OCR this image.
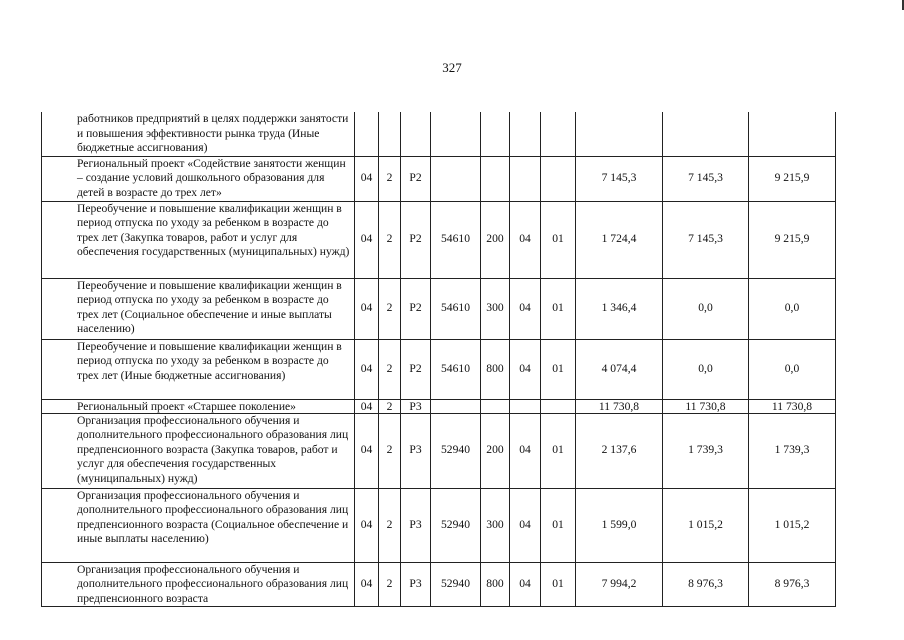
327
работников предприятий в целях поддержки занятости и повышения эффективности рынка труда (Иные бюджетные ассигнования)										
Региональный проект «Содействие занятости женщин – создание условий дошкольного образования для детей в возрасте до трех лет»	04	2	P2					7 145,3	7 145,3	9 215,9
Переобучение и повышение квалификации женщин в период отпуска по уходу за ребенком в возрасте до трех лет (Закупка товаров, работ и услуг для обеспечения государственных (муниципальных) нужд)	04	2	P2	54610	200	04	01	1 724,4	7 145,3	9 215,9
Переобучение и повышение квалификации женщин в период отпуска по уходу за ребенком в возрасте до трех лет (Социальное обеспечение и иные выплаты населению)	04	2	P2	54610	300	04	01	1 346,4	0,0	0,0
Переобучение и повышение квалификации женщин в период отпуска по уходу за ребенком в возрасте до трех лет (Иные бюджетные ассигнования)	04	2	P2	54610	800	04	01	4 074,4	0,0	0,0
Региональный проект «Старшее поколение»	04	2	P3					11 730,8	11 730,8	11 730,8
Организация профессионального обучения и дополнительного профессионального образования лиц предпенсионного возраста (Закупка товаров, работ и услуг для обеспечения государственных (муниципальных) нужд)	04	2	P3	52940	200	04	01	2 137,6	1 739,3	1 739,3
Организация профессионального обучения и дополнительного профессионального образования лиц предпенсионного возраста (Социальное обеспечение и иные выплаты населению)	04	2	P3	52940	300	04	01	1 599,0	1 015,2	1 015,2
Организация профессионального обучения и дополнительного профессионального образования лиц предпенсионного возраста	04	2	P3	52940	800	04	01	7 994,2	8 976,3	8 976,3
